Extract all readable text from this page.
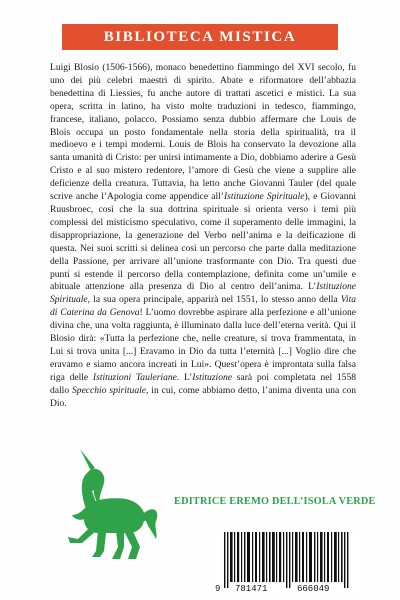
BIBLIOTECA MISTICA

Luigi Blosio (1506-1566), monaco benedettino fiammingo del XVI secolo, fu uno dei più celebri maestri di spirito. Abate e riformatore dell’abbazia benedettina di Liessies, fu anche autore di trattati ascetici e mistici. La sua opera, scritta in latino, ha visto molte traduzioni in tedesco, fiammingo, francese, italiano, polacco. Possiamo senza dubbio affermare che Louis de Blois occupa un posto fondamentale nella storia della spiritualità, tra il medioevo e i tempi moderni. Louis de Blois ha conservato la devozione alla santa umanità di Cristo: per unirsi intimamente a Dio, dobbiamo aderire a Gesù Cristo e al suo mistero redentore, l’amore di Gesù che viene a supplire alle deficienze della creatura. Tuttavia, ha letto anche Giovanni Tauler (del quale scrive anche l’Apologia come appendice all’Istituzione Spirituale), e Giovanni Ruusbroec, così che la sua dottrina spirituale si orienta verso i temi più complessi del misticismo speculativo, come il superamento delle immagini, la disappropriazione, la generazione del Verbo nell’anima e la deificazione di questa. Nei suoi scritti si delinea così un percorso che parte dalla meditazione della Passione, per arrivare all’unione trasformante con Dio. Tra questi due punti si estende il percorso della contemplazione, definita come un’umile e abituale attenzione alla presenza di Dio al centro dell’anima. L’Istituzione Spirituale, la sua opera principale, apparirà nel 1551, lo stesso anno della Vita di Caterina da Genova! L’uomo dovrebbe aspirare alla perfezione e all’unione divina che, una volta raggiunta, è illuminato dalla luce dell’eterna verità. Qui il Blosio dirà: «Tutta la perfezione che, nelle creature, si trova frammentata, in Lui si trova unita [...] Eravamo in Dio da tutta l’eternità [...] Voglio dire che eravamo e siamo ancora increati in Lui». Quest’opera è improntata sulla falsa riga delle Istituzioni Tauleriane. L’Istituzione sarà poi completata nel 1558 dallo Specchio spirituale, in cui, come abbiamo detto, l’anima diventa una con Dio.

EDITRICE EREMO DELL’ISOLA VERDE
9 781471	666049
